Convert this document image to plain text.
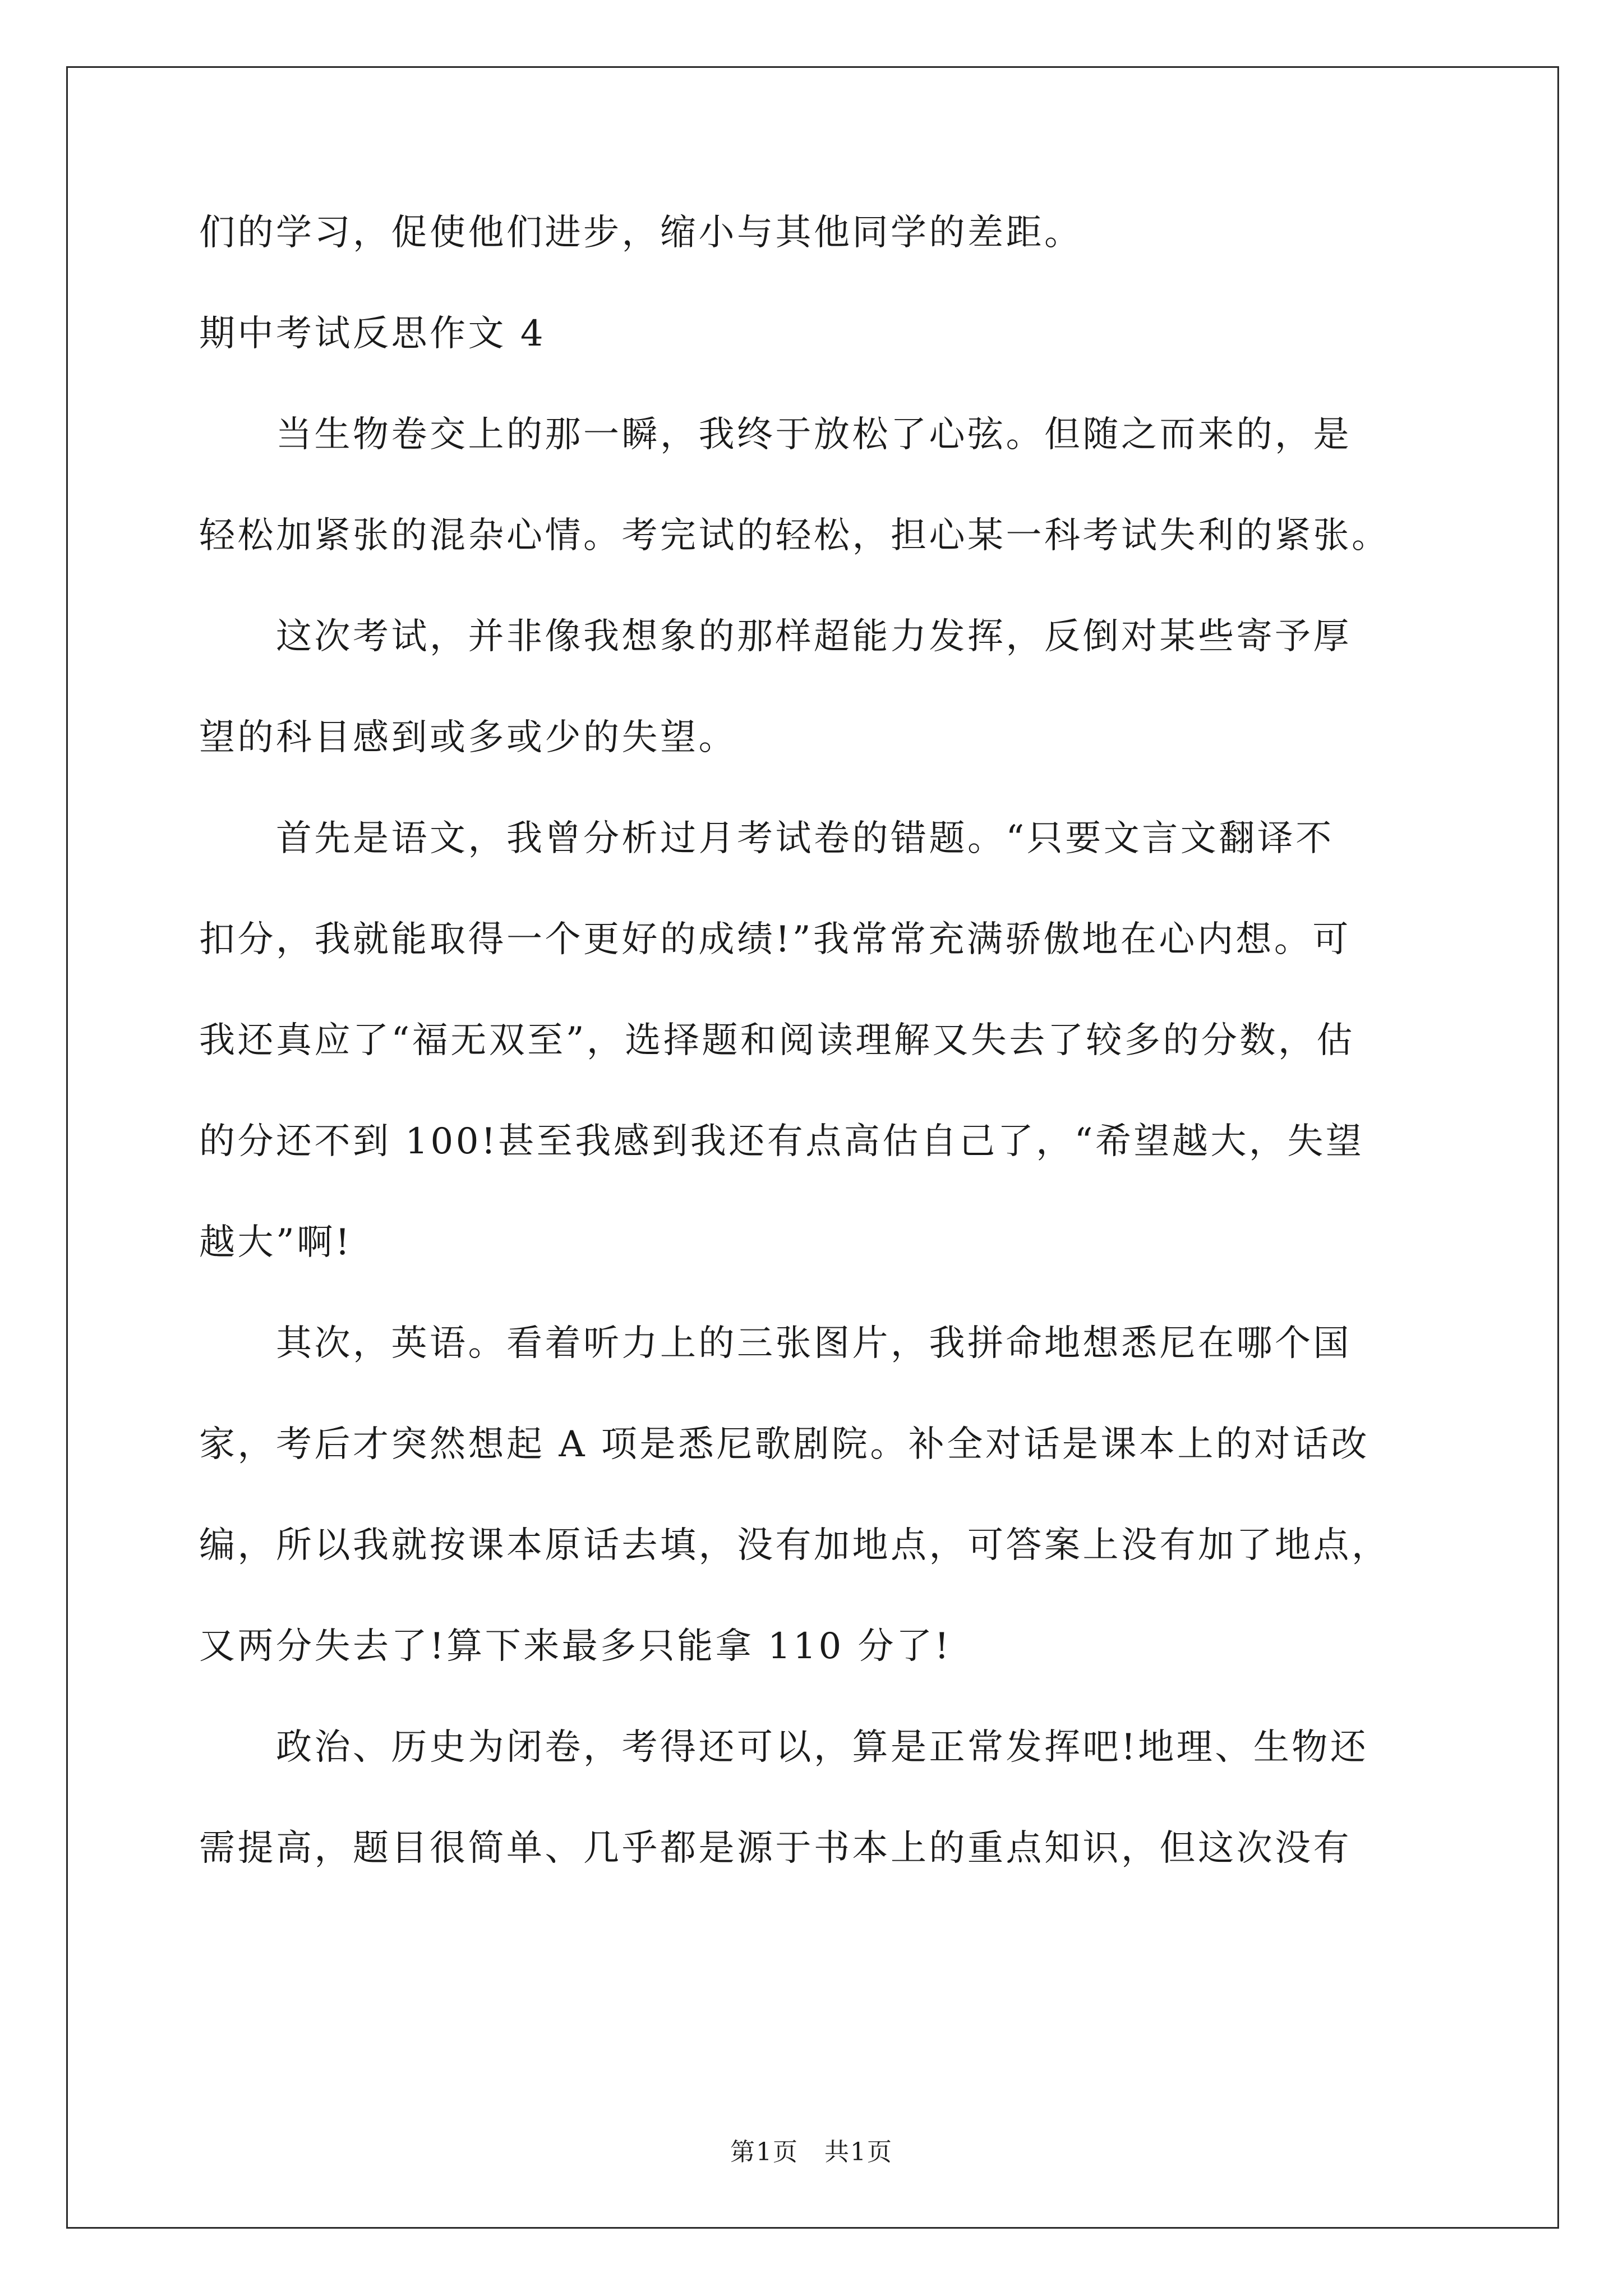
们的学习，促使他们进步，缩小与其他同学的差距。
期中考试反思作文 4
　　当生物卷交上的那一瞬，我终于放松了心弦。但随之而来的，是
轻松加紧张的混杂心情。考完试的轻松，担心某一科考试失利的紧张。
　　这次考试，并非像我想象的那样超能力发挥，反倒对某些寄予厚
望的科目感到或多或少的失望。
　　首先是语文，我曾分析过月考试卷的错题。“只要文言文翻译不
扣分，我就能取得一个更好的成绩!”我常常充满骄傲地在心内想。可
我还真应了“福无双至”，选择题和阅读理解又失去了较多的分数，估
的分还不到 100!甚至我感到我还有点高估自己了，“希望越大，失望
越大”啊!
　　其次，英语。看着听力上的三张图片，我拼命地想悉尼在哪个国
家，考后才突然想起 A 项是悉尼歌剧院。补全对话是课本上的对话改
编，所以我就按课本原话去填，没有加地点，可答案上没有加了地点，
又两分失去了!算下来最多只能拿 110 分了!
　　政治、历史为闭卷，考得还可以，算是正常发挥吧!地理、生物还
需提高，题目很简单、几乎都是源于书本上的重点知识，但这次没有
第1页　共1页
